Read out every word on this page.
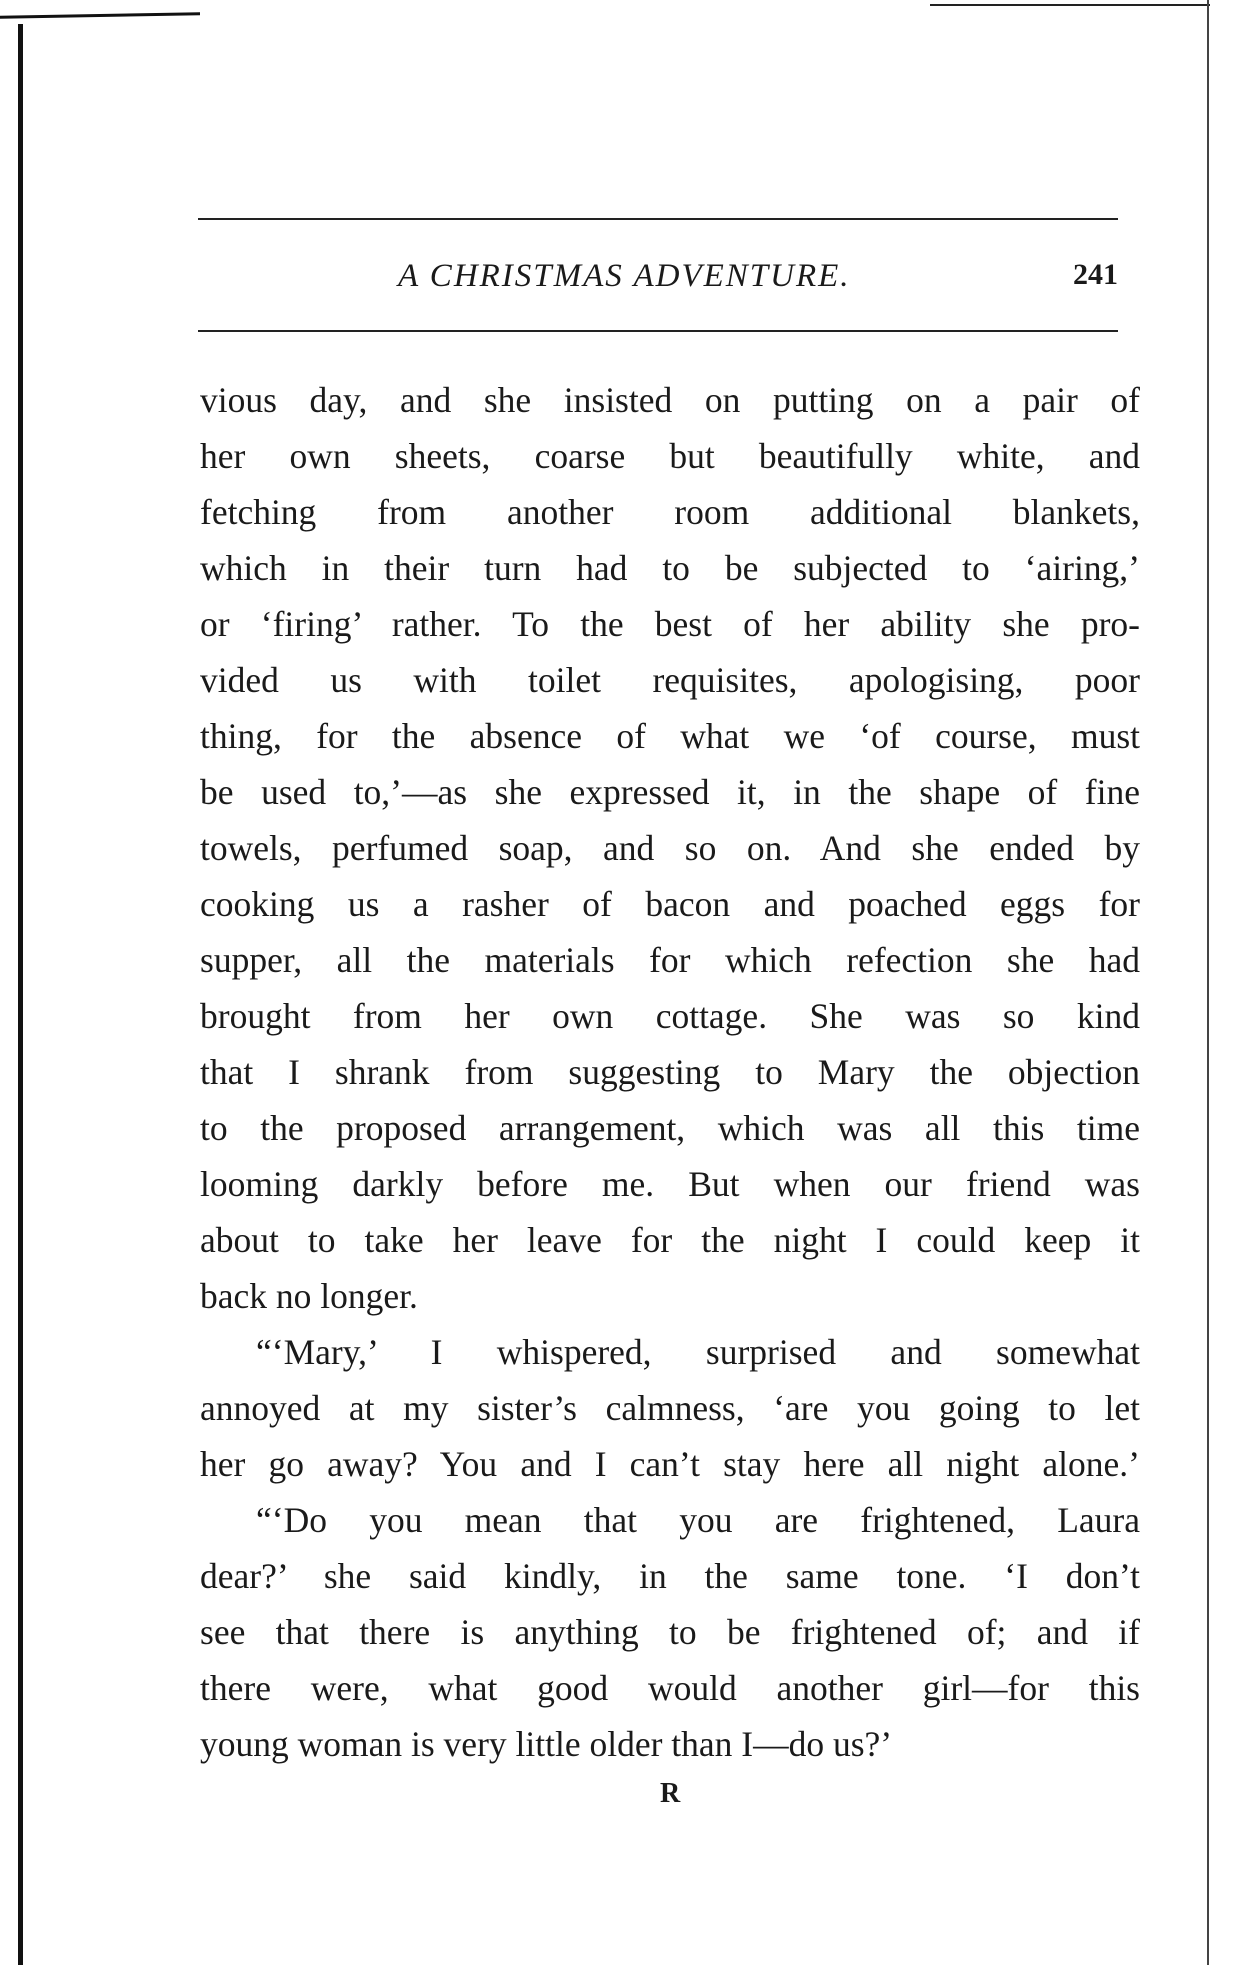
A CHRISTMAS ADVENTURE.	241
vious day, and she insisted on putting on a pair of
her own sheets, coarse but beautifully white, and
fetching from another room additional blankets,
which in their turn had to be subjected to ‘airing,’
or ‘firing’ rather. To the best of her ability she pro-
vided us with toilet requisites, apologising, poor
thing, for the absence of what we ‘of course, must
be used to,’—as she expressed it, in the shape of fine
towels, perfumed soap, and so on. And she ended by
cooking us a rasher of bacon and poached eggs for
supper, all the materials for which refection she had
brought from her own cottage. She was so kind
that I shrank from suggesting to Mary the objection
to the proposed arrangement, which was all this time
looming darkly before me. But when our friend was
about to take her leave for the night I could keep it
back no longer.
“‘Mary,’ I whispered, surprised and somewhat
annoyed at my sister’s calmness, ‘are you going to let
her go away? You and I can’t stay here all night alone.’
“‘Do you mean that you are frightened, Laura
dear?’ she said kindly, in the same tone. ‘I don’t
see that there is anything to be frightened of; and if
there were, what good would another girl—for this
young woman is very little older than I—do us?’
R
